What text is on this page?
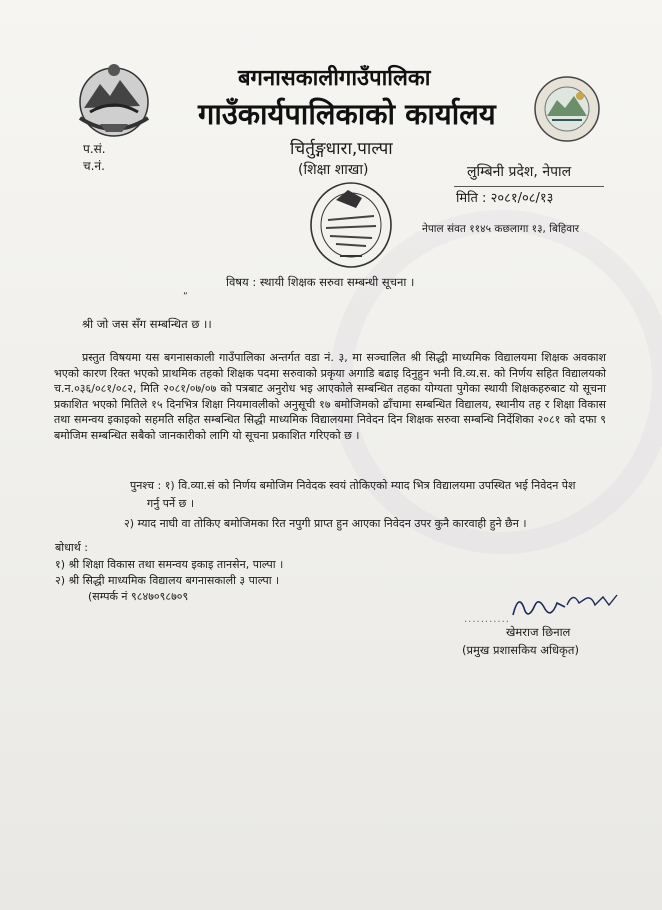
बगनासकालीगाउँपालिका
गाउँकार्यपालिकाको कार्यालय
चिर्तुङ्गधारा,पाल्पा
(शिक्षा शाखा)
प.सं.
च.नं.	लुम्बिनी प्रदेश, नेपाल
मिति : २०८१/०८/१३
नेपाल संवत ११४५ कछलागा १३, बिहिवार
ˮ
विषय : स्थायी शिक्षक सरुवा सम्बन्धी सूचना ।
श्री जो जस सँग सम्बन्धित छ ।।
प्रस्तुत विषयमा यस बगनासकाली गाउँपालिका अन्तर्गत वडा नं. ३, मा सञ्चालित श्री सिद्धी माध्यमिक विद्यालयमा शिक्षक अवकाश भएको कारण रिक्त भएको प्राथमिक तहको शिक्षक पदमा सरुवाको प्रकृया अगाडि बढाइ दिनुहुन भनी वि.व्य.स. को निर्णय सहित विद्यालयको च.न.०३६/०८१/०८२, मिति २०८१/०७/०७ को पत्रबाट अनुरोध भइ आएकोले सम्बन्धित तहका योग्यता पुगेका स्थायी शिक्षकहरुबाट यो सूचना प्रकाशित भएको मितिले १५ दिनभित्र शिक्षा नियमावलीको अनुसूची १७ बमोजिमको ढाँचामा सम्बन्धित विद्यालय, स्थानीय तह र शिक्षा विकास तथा समन्वय इकाइको सहमति सहित सम्बन्धित सिद्धी माध्यमिक विद्यालयमा निवेदन दिन शिक्षक सरुवा सम्बन्धि निर्देशिका २०८१ को दफा ९ बमोजिम सम्बन्धित सबैको जानकारीको लागि यो सूचना प्रकाशित गरिएको छ ।
पुनश्च : १) वि.व्या.सं को निर्णय बमोजिम निवेदक स्वयं तोकिएको म्याद भित्र विद्यालयमा उपस्थित भई निवेदन पेश
गर्नु पर्ने छ ।
२) म्याद नाघी वा तोकिए बमोजिमका रित नपुगी प्राप्त हुन आएका निवेदन उपर कुनै कारवाही हुने छैन ।
बोधार्थ :
१) श्री शिक्षा विकास तथा समन्वय इकाइ तानसेन, पाल्पा ।
२) श्री सिद्धी माध्यमिक विद्यालय बगनासकाली ३ पाल्पा ।
(सम्पर्क नं ९८४७०९८७०९
...........
खेमराज छिनाल
(प्रमुख प्रशासकिय अधिकृत)
